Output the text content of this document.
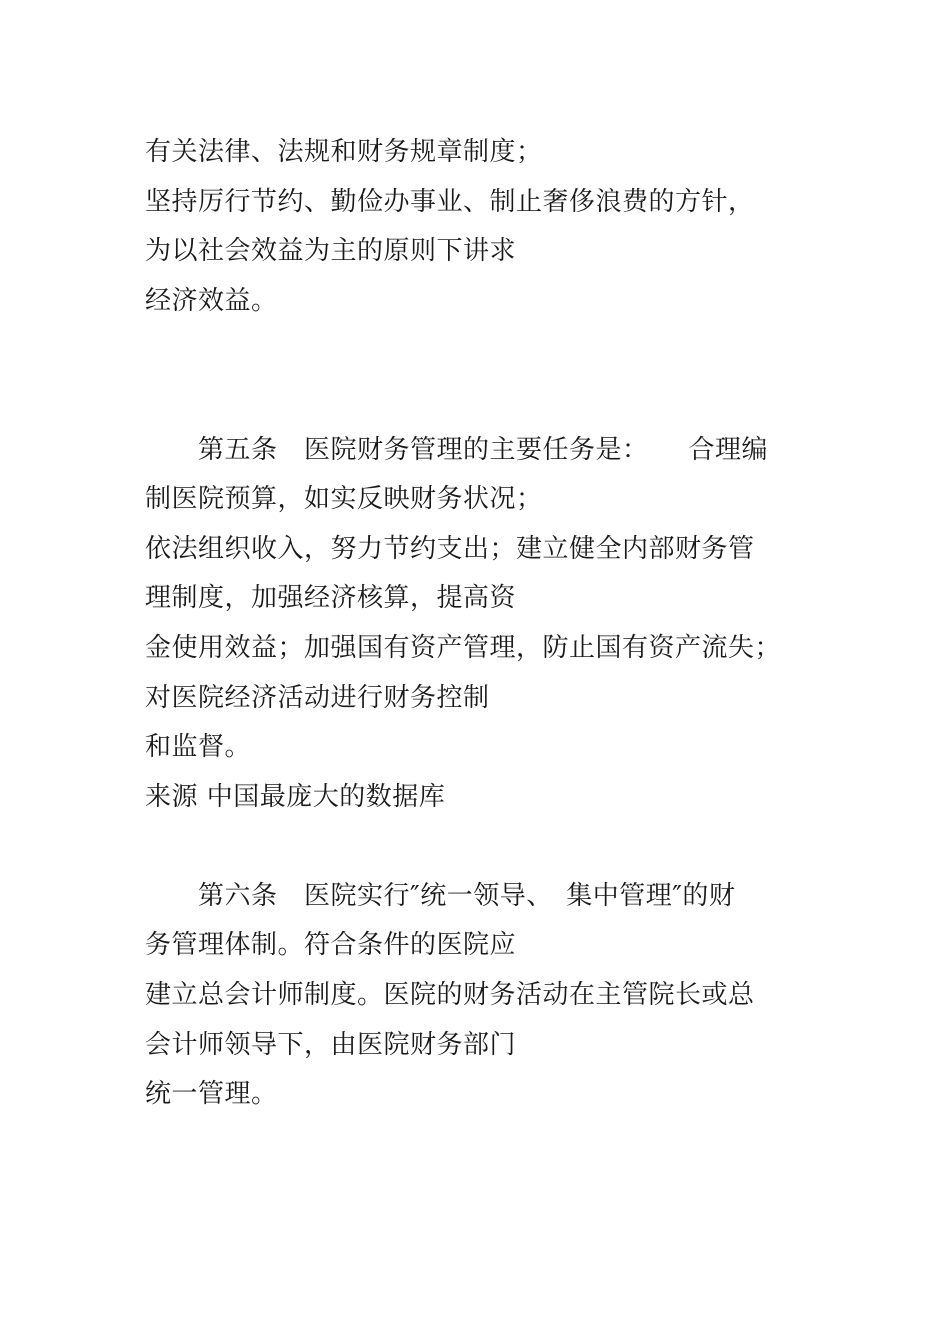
有关法律、法规和财务规章制度；
坚持厉行节约、勤俭办事业、制止奢侈浪费的方针，
为以社会效益为主的原则下讲求
经济效益。
　　第五条　医院财务管理的主要任务是：　　合理编
制医院预算，如实反映财务状况；
依法组织收入，努力节约支出；建立健全内部财务管
理制度，加强经济核算，提高资
金使用效益；加强国有资产管理，防止国有资产流失；
对医院经济活动进行财务控制
和监督。
来源 中国最庞大的数据库
　　第六条　医院实行″统一领导、　集中管理″的财
务管理体制。符合条件的医院应
建立总会计师制度。医院的财务活动在主管院长或总
会计师领导下，由医院财务部门
统一管理。
